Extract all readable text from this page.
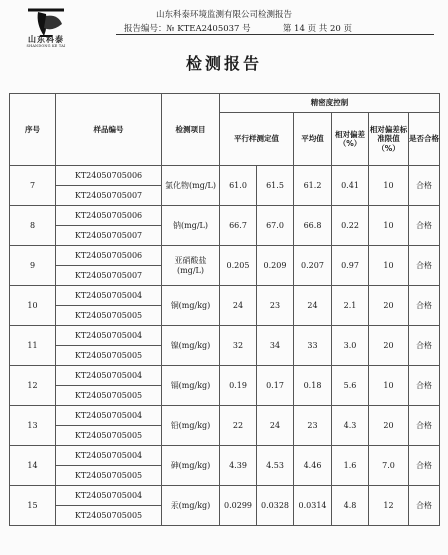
山东科泰
SHANDONG KE TAI
山东科泰环境监测有限公司检测报告
报告编号：№ KTEA2405037 号	第 14 页 共 20 页
检测报告
序号	样品编号	检测项目	精密度控制					
			平行样测定值		平均值	相对偏差（%）	相对偏差标准限值（%）	是否合格
7	KT24050705006	氯化物(mg/L)	61.0	61.5	61.2	0.41	10	合格
	KT24050705007							
8	KT24050705006	钠(mg/L)	66.7	67.0	66.8	0.22	10	合格
	KT24050705007							
9	KT24050705006	亚硝酸盐 (mg/L)	0.205	0.209	0.207	0.97	10	合格
	KT24050705007							
10	KT24050705004	铜(mg/kg)	24	23	24	2.1	20	合格
	KT24050705005							
11	KT24050705004	镍(mg/kg)	32	34	33	3.0	20	合格
	KT24050705005							
12	KT24050705004	镉(mg/kg)	0.19	0.17	0.18	5.6	10	合格
	KT24050705005							
13	KT24050705004	铅(mg/kg)	22	24	23	4.3	20	合格
	KT24050705005							
14	KT24050705004	砷(mg/kg)	4.39	4.53	4.46	1.6	7.0	合格
	KT24050705005							
15	KT24050705004	汞(mg/kg)	0.0299	0.0328	0.0314	4.8	12	合格
	KT24050705005							
